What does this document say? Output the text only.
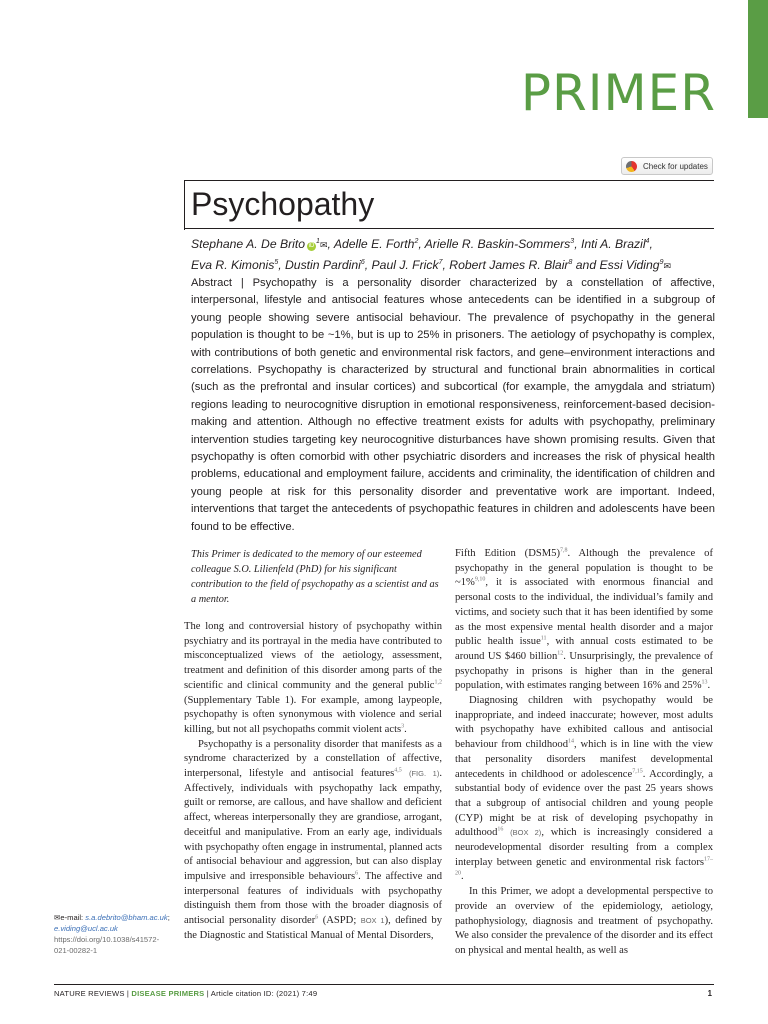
PRIMER
Check for updates
Psychopathy
Stephane A. De Brito $iD^1✉$, Adelle E. Forth$^2$, Arielle R. Baskin-Sommers$^3$, Inti A. Brazil$^4$,
Eva R. Kimonis$^5$, Dustin Pardini$^6$, Paul J. Frick$^7$, Robert James R. Blair$^8$ and Essi Viding$^9$✉
Abstract | Psychopathy is a personality disorder characterized by a constellation of affective, interpersonal, lifestyle and antisocial features whose antecedents can be identified in a subgroup of young people showing severe antisocial behaviour. The prevalence of psychopathy in the general population is thought to be ~1%, but is up to 25% in prisoners. The aetiology of psychopathy is complex, with contributions of both genetic and environmental risk factors, and gene–environment interactions and correlations. Psychopathy is characterized by structural and functional brain abnormalities in cortical (such as the prefrontal and insular cortices) and subcortical (for example, the amygdala and striatum) regions leading to neurocognitive disruption in emotional responsiveness, reinforcement-based decision-making and attention. Although no effective treatment exists for adults with psychopathy, preliminary intervention studies targeting key neurocognitive disturbances have shown promising results. Given that psychopathy is often comorbid with other psychiatric disorders and increases the risk of physical health problems, educational and employment failure, accidents and criminality, the identification of children and young people at risk for this personality disorder and preventative work are important. Indeed, interventions that target the antecedents of psychopathic features in children and adolescents have been found to be effective.
This Primer is dedicated to the memory of our esteemed colleague S.O. Lilienfeld (PhD) for his significant contribution to the field of psychopathy as a scientist and as a mentor.

The long and controversial history of psychopathy within psychiatry and its portrayal in the media have contributed to misconceptualized views of the aetiology, assessment, treatment and definition of this disorder among parts of the scientific and clinical community and the general public$^{1,2}$ (Supplementary Table 1). For example, among laypeople, psychopathy is often synonymous with violence and serial killing, but not all psychopaths commit violent acts$^3$.

Psychopathy is a personality disorder that manifests as a syndrome characterized by a constellation of affective, interpersonal, lifestyle and antisocial features$^{4,5}$ (FIG. 1). Affectively, individuals with psychopathy lack empathy, guilt or remorse, are callous, and have shallow and deficient affect, whereas interpersonally they are grandiose, arrogant, deceitful and manipulative. From an early age, individuals with psychopathy often engage in instrumental, planned acts of antisocial behaviour and aggression, but can also display impulsive and irresponsible behaviours$^6$. The affective and interpersonal features of individuals with psychopathy distinguish them from those with the broader diagnosis of antisocial personality disorder$^6$ (ASPD; BOX 1), defined by the Diagnostic and Statistical Manual of Mental Disorders,

Fifth Edition $(DSM5)^{7,8}$. Although the prevalence of psychopathy in the general population is thought to be ~1%$^{9,10}$, it is associated with enormous financial and personal costs to the individual, the individual’s family and victims, and society such that it has been identified by some as the most expensive mental health disorder and a major public health issue$^{11}$, with annual costs estimated to be around US $460 billion$^{12}$. Unsurprisingly, the prevalence of psychopathy in prisons is higher than in the general population, with estimates ranging between 16% and 25%$^{13}$.

Diagnosing children with psychopathy would be inappropriate, and indeed inaccurate; however, most adults with psychopathy have exhibited callous and antisocial behaviour from childhood$^{14}$, which is in line with the view that personality disorders manifest developmental antecedents in childhood or adolescence$^{7,15}$. Accordingly, a substantial body of evidence over the past 25 years shows that a subgroup of antisocial children and young people (CYP) might be at risk of developing psychopathy in adulthood$^{16}$ (BOX 2), which is increasingly considered a neurodevelopmental disorder resulting from a complex interplay between genetic and environmental risk factors$^{17-20}$.

In this Primer, we adopt a developmental perspective to provide an overview of the epidemiology, aetiology, pathophysiology, diagnosis and treatment of psychopathy. We also consider the prevalence of the disorder and its effect on physical and mental health, as well as

✉e-mail: s.a.debrito@bham.ac.uk; e.viding@ucl.ac.uk
https://doi.org/10.1038/s41572-021-00282-1
NATURE REVIEWS | DISEASE PRIMERS | Article citation ID: (2021) 7:49	1
